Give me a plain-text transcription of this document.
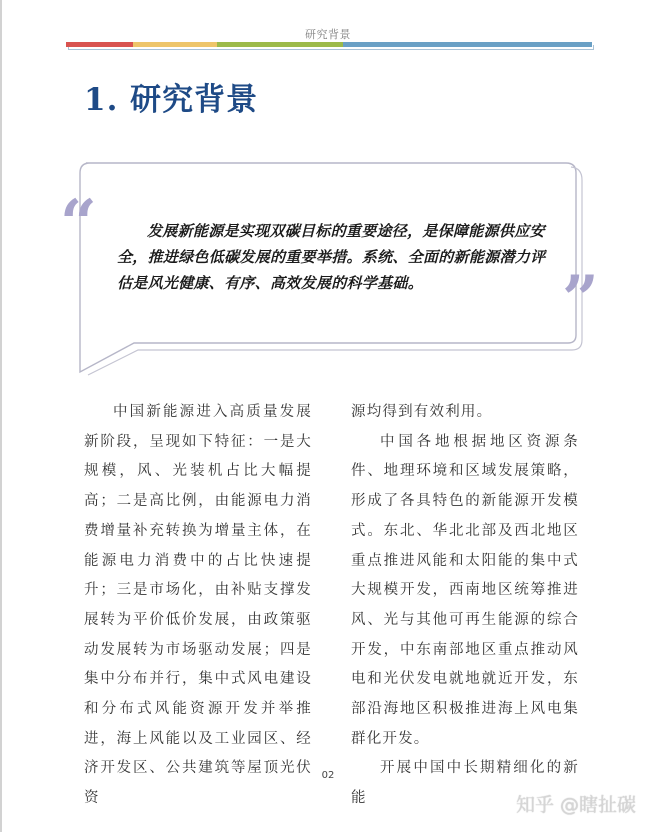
研究背景
1. 研究背景
“
”
发展新能源是实现双碳目标的重要途径，是保障能源供应安全，推进绿色低碳发展的重要举措。系统、全面的新能源潜力评估是风光健康、有序、高效发展的科学基础。

中国新能源进入高质量发展新阶段，呈现如下特征：一是大规模，风、光装机占比大幅提高；二是高比例，由能源电力消费增量补充转换为增量主体，在能源电力消费中的占比快速提升；三是市场化，由补贴支撑发展转为平价低价发展，由政策驱动发展转为市场驱动发展；四是集中分布并行，集中式风电建设和分布式风能资源开发并举推进，海上风能以及工业园区、经济开发区、公共建筑等屋顶光伏资

源均得到有效利用。

中国各地根据地区资源条件、地理环境和区域发展策略，形成了各具特色的新能源开发模式。东北、华北北部及西北地区重点推进风能和太阳能的集中式大规模开发，西南地区统筹推进风、光与其他可再生能源的综合开发，中东南部地区重点推动风电和光伏发电就地就近开发，东部沿海地区积极推进海上风电集群化开发。

开展中国中长期精细化的新能

02
知乎 @瞎扯碳
